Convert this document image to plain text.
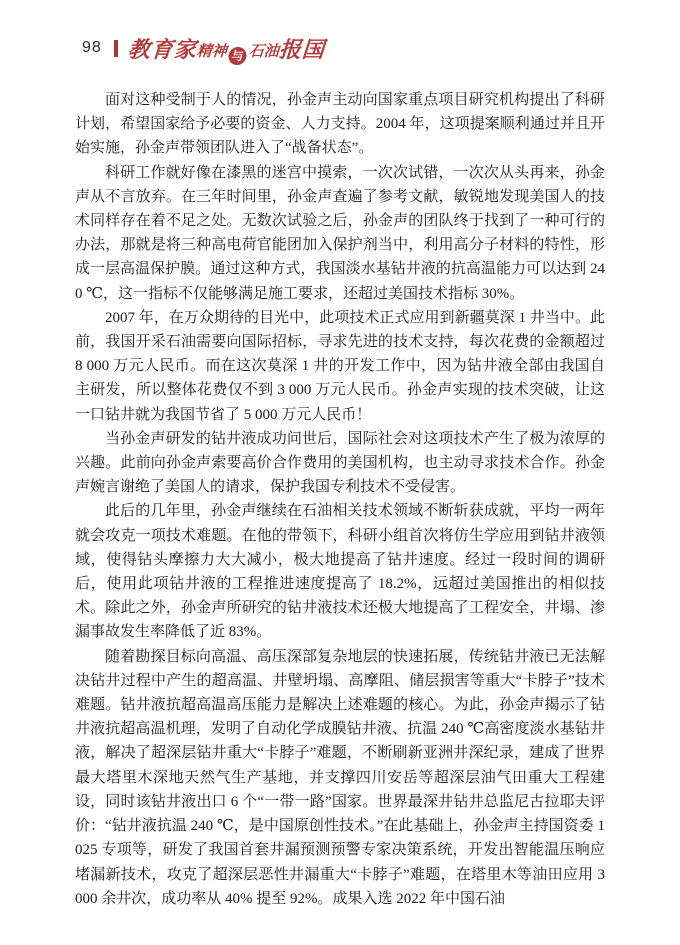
98 教育家
精神 与 石油
报国

面对这种受制于人的情况，孙金声主动向国家重点项目研究机构提出了科研计划，希望国家给予必要的资金、人力支持。2004 年，这项提案顺利通过并且开始实施，孙金声带领团队进入了“战备状态”。

科研工作就好像在漆黑的迷宫中摸索，一次次试错，一次次从头再来，孙金声从不言放弃。在三年时间里，孙金声查遍了参考文献，敏锐地发现美国人的技术同样存在着不足之处。无数次试验之后，孙金声的团队终于找到了一种可行的办法，那就是将三种高电荷官能团加入保护剂当中，利用高分子材料的特性，形成一层高温保护膜。通过这种方式，我国淡水基钻井液的抗高温能力可以达到 240 ℃，这一指标不仅能够满足施工要求，还超过美国技术指标 30%。

2007 年，在万众期待的目光中，此项技术正式应用到新疆莫深 1 井当中。此前，我国开采石油需要向国际招标，寻求先进的技术支持，每次花费的金额超过 8 000 万元人民币。而在这次莫深 1 井的开发工作中，因为钻井液全部由我国自主研发，所以整体花费仅不到 3 000 万元人民币。孙金声实现的技术突破，让这一口钻井就为我国节省了 5 000 万元人民币！

当孙金声研发的钻井液成功问世后，国际社会对这项技术产生了极为浓厚的兴趣。此前向孙金声索要高价合作费用的美国机构，也主动寻求技术合作。孙金声婉言谢绝了美国人的请求，保护我国专利技术不受侵害。

此后的几年里，孙金声继续在石油相关技术领域不断斩获成就，平均一两年就会攻克一项技术难题。在他的带领下，科研小组首次将仿生学应用到钻井液领域，使得钻头摩擦力大大减小，极大地提高了钻井速度。经过一段时间的调研后，使用此项钻井液的工程推进速度提高了 18.2%，远超过美国推出的相似技术。除此之外，孙金声所研究的钻井液技术还极大地提高了工程安全，井塌、渗漏事故发生率降低了近 83%。

随着勘探目标向高温、高压深部复杂地层的快速拓展，传统钻井液已无法解决钻井过程中产生的超高温、井壁坍塌、高摩阻、储层损害等重大“卡脖子”技术难题。钻井液抗超高温高压能力是解决上述难题的核心。为此，孙金声揭示了钻井液抗超高温机理，发明了自动化学成膜钻井液、抗温 240 ℃高密度淡水基钻井液，解决了超深层钻井重大“卡脖子”难题，不断刷新亚洲井深纪录，建成了世界最大塔里木深地天然气生产基地，并支撑四川安岳等超深层油气田重大工程建设，同时该钻井液出口 6 个“一带一路”国家。世界最深井钻井总监尼古拉耶夫评价：“钻井液抗温 240 ℃，是中国原创性技术。”在此基础上，孙金声主持国资委 1025 专项等，研发了我国首套井漏预测预警专家决策系统，开发出智能温压响应堵漏新技术，攻克了超深层恶性井漏重大“卡脖子”难题，在塔里木等油田应用 3 000 余井次，成功率从 40% 提至 92%。成果入选 2022 年中国石油
